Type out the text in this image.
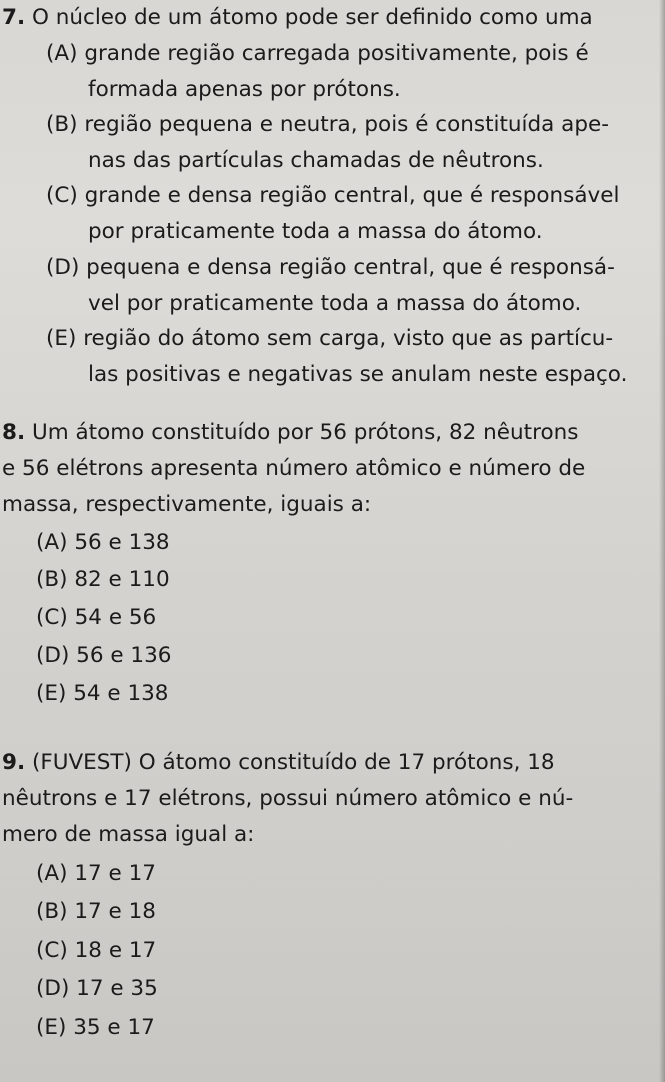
7. O núcleo de um átomo pode ser definido como uma
(A) grande região carregada positivamente, pois é
formada apenas por prótons.
(B) região pequena e neutra, pois é constituída ape-
nas das partículas chamadas de nêutrons.
(C) grande e densa região central, que é responsável
por praticamente toda a massa do átomo.
(D) pequena e densa região central, que é responsá-
vel por praticamente toda a massa do átomo.
(E) região do átomo sem carga, visto que as partícu-
las positivas e negativas se anulam neste espaço.
8. Um átomo constituído por 56 prótons, 82 nêutrons
e 56 elétrons apresenta número atômico e número de
massa, respectivamente, iguais a:
(A) 56 e 138
(B) 82 e 110
(C) 54 e 56
(D) 56 e 136
(E) 54 e 138
9. (FUVEST) O átomo constituído de 17 prótons, 18
nêutrons e 17 elétrons, possui número atômico e nú-
mero de massa igual a:
(A) 17 e 17
(B) 17 e 18
(C) 18 e 17
(D) 17 e 35
(E) 35 e 17
